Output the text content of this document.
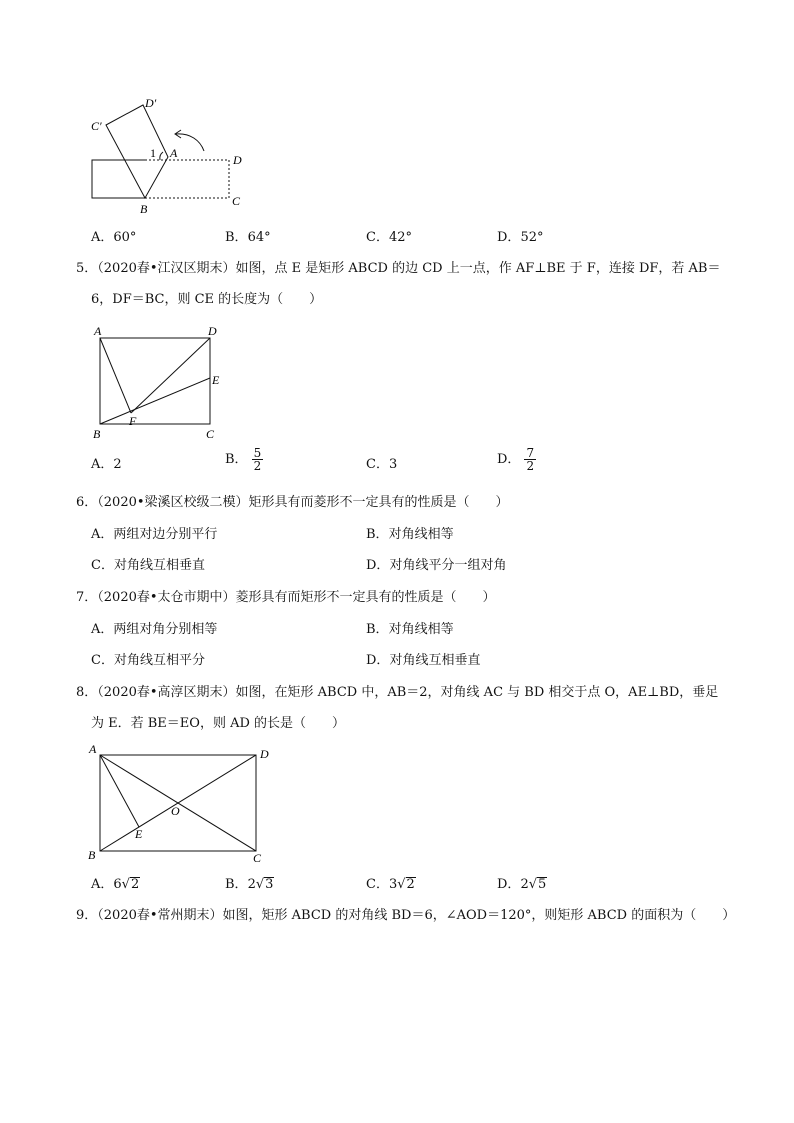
C′
D′
1 A	D
B
C
A．60°	B．64°	C．42°	D．52°
5．（2020春•江汉区期末）如图，点 E 是矩形 ABCD 的边 CD 上一点，作 AF⊥BE 于 F，连接 DF，若 AB＝
6，DF＝BC，则 CE 的长度为（　　）
A	D
E
F
B	C
A．2	B． $\frac{5}{2}$	C．3	D． $\frac{7}{2}$
6．（2020•梁溪区校级二模）矩形具有而菱形不一定具有的性质是（　　）
A．两组对边分别平行	B．对角线相等
C．对角线互相垂直	D．对角线平分一组对角
7．（2020春•太仓市期中）菱形具有而矩形不一定具有的性质是（　　）
A．两组对角分别相等	B．对角线相等
C．对角线互相平分	D．对角线互相垂直
8．（2020春•高淳区期末）如图，在矩形 ABCD 中，AB＝2，对角线 AC 与 BD 相交于点 O，AE⊥BD，垂足
为 E．若 BE＝EO，则 AD 的长是（　　）
A	D
O
E
B	C
A．6√2	B．2√3	C．3√2	D．2√5
9．（2020春•常州期末）如图，矩形 ABCD 的对角线 BD＝6，∠AOD＝120°，则矩形 ABCD 的面积为（　　）
